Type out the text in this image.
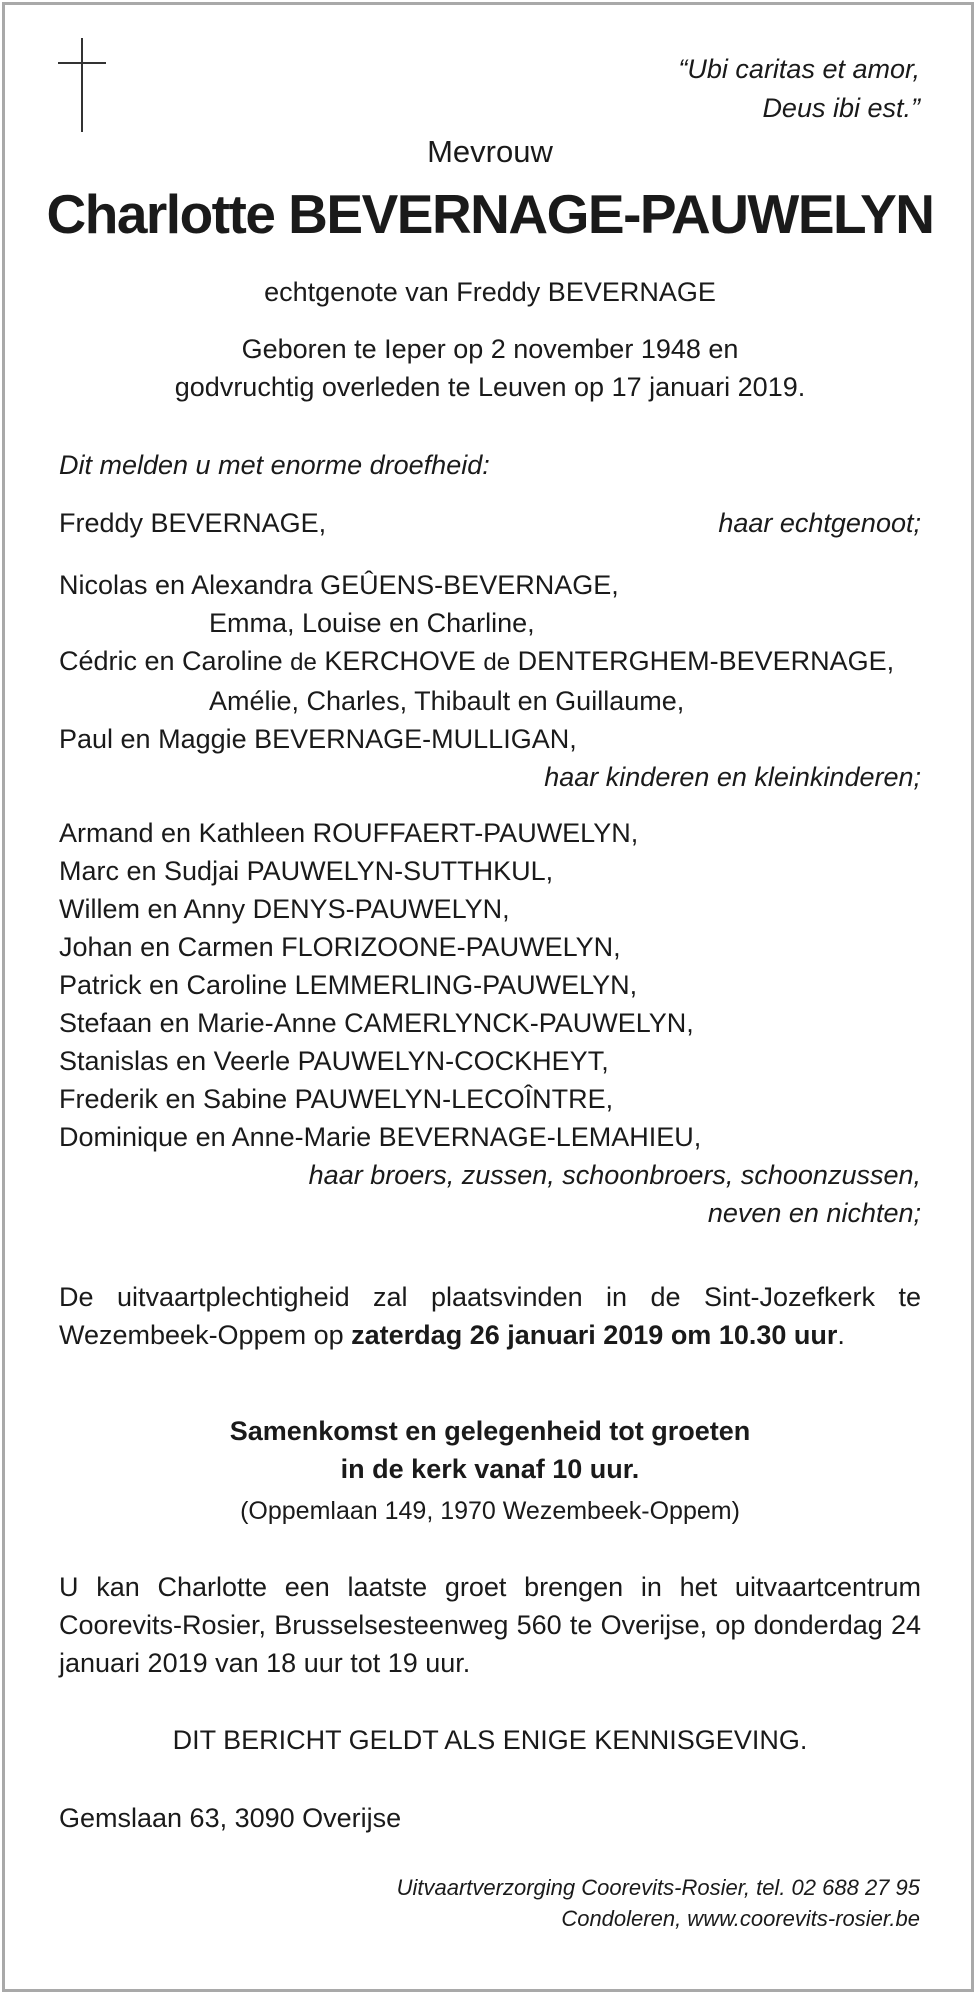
“Ubi caritas et amor,
Deus ibi est.”
Mevrouw
Charlotte BEVERNAGE-PAUWELYN
echtgenote van Freddy BEVERNAGE
Geboren te Ieper op 2 november 1948 en
godvruchtig overleden te Leuven op 17 januari 2019.
Dit melden u met enorme droefheid:
Freddy BEVERNAGE,	haar echtgenoot;
Nicolas en Alexandra GEÛENS-BEVERNAGE,
Emma, Louise en Charline,
Cédric en Caroline de KERCHOVE de DENTERGHEM-BEVERNAGE,
Amélie, Charles, Thibault en Guillaume,
Paul en Maggie BEVERNAGE-MULLIGAN,
haar kinderen en kleinkinderen;
Armand en Kathleen ROUFFAERT-PAUWELYN,
Marc en Sudjai PAUWELYN-SUTTHKUL,
Willem en Anny DENYS-PAUWELYN,
Johan en Carmen FLORIZOONE-PAUWELYN,
Patrick en Caroline LEMMERLING-PAUWELYN,
Stefaan en Marie-Anne CAMERLYNCK-PAUWELYN,
Stanislas en Veerle PAUWELYN-COCKHEYT,
Frederik en Sabine PAUWELYN-LECOÎNTRE,
Dominique en Anne-Marie BEVERNAGE-LEMAHIEU,
haar broers, zussen, schoonbroers, schoonzussen,
neven en nichten;
De uitvaartplechtigheid zal plaatsvinden in de Sint-Jozefkerk te Wezembeek-Oppem op zaterdag 26 januari 2019 om 10.30 uur.
Samenkomst en gelegenheid tot groeten
in de kerk vanaf 10 uur.
(Oppemlaan 149, 1970 Wezembeek-Oppem)
U kan Charlotte een laatste groet brengen in het uitvaartcentrum Coorevits-Rosier, Brusselsesteenweg 560 te Overijse, op donderdag 24 januari 2019 van 18 uur tot 19 uur.
DIT BERICHT GELDT ALS ENIGE KENNISGEVING.
Gemslaan 63, 3090 Overijse
Uitvaartverzorging Coorevits-Rosier, tel. 02 688 27 95
Condoleren, www.coorevits-rosier.be
